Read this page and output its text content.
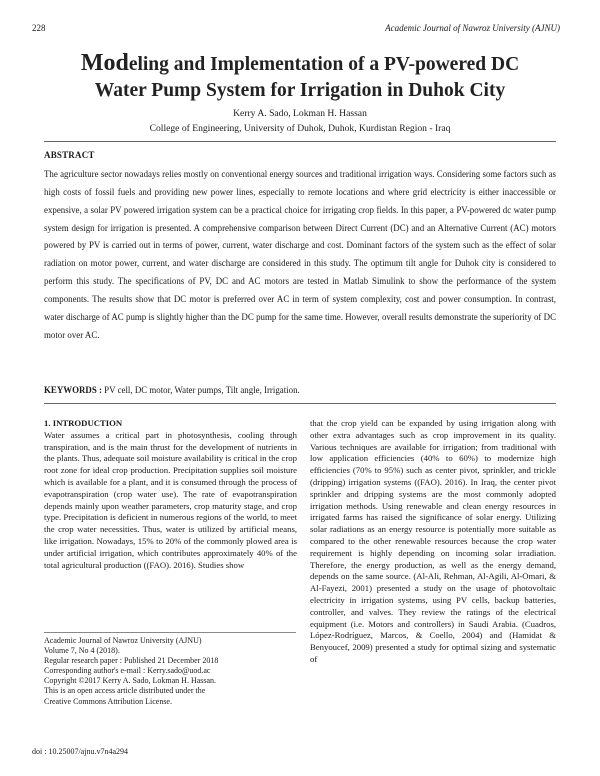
228	Academic Journal of Nawroz University (AJNU)
Modeling and Implementation of a PV-powered DC
Water Pump System for Irrigation in Duhok City
Kerry A. Sado, Lokman H. Hassan
College of Engineering, University of Duhok, Duhok, Kurdistan Region - Iraq
ABSTRACT
The agriculture sector nowadays relies mostly on conventional energy sources and traditional irrigation ways. Considering some factors such as high costs of fossil fuels and providing new power lines, especially to remote locations and where grid electricity is either inaccessible or expensive, a solar PV powered irrigation system can be a practical choice for irrigating crop fields. In this paper, a PV-powered dc water pump system design for irrigation is presented. A comprehensive comparison between Direct Current (DC) and an Alternative Current (AC) motors powered by PV is carried out in terms of power, current, water discharge and cost. Dominant factors of the system such as the effect of solar radiation on motor power, current, and water discharge are considered in this study. The optimum tilt angle for Duhok city is considered to perform this study. The specifications of PV, DC and AC motors are tested in Matlab Simulink to show the performance of the system components. The results show that DC motor is preferred over AC in term of system complexity, cost and power consumption. In contrast, water discharge of AC pump is slightly higher than the DC pump for the same time. However, overall results demonstrate the superiority of DC motor over AC.
KEYWORDS : PV cell, DC motor, Water pumps, Tilt angle, Irrigation.
1. INTRODUCTION
Water assumes a critical part in photosynthesis, cooling through transpiration, and is the main thrust for the development of nutrients in the plants. Thus, adequate soil moisture availability is critical in the crop root zone for ideal crop production. Precipitation supplies soil moisture which is available for a plant, and it is consumed through the process of evapotranspiration (crop water use). The rate of evapotranspiration depends mainly upon weather parameters, crop maturity stage, and crop type. Precipitation is deficient in numerous regions of the world, to meet the crop water necessities. Thus, water is utilized by artificial means, like irrigation. Nowadays, 15% to 20% of the commonly plowed area is under artificial irrigation, which contributes approximately 40% of the total agricultural production ((FAO). 2016). Studies show
that the crop yield can be expanded by using irrigation along with other extra advantages such as crop improvement in its quality. Various techniques are available for irrigation; from traditional with low application efficiencies (40% to 60%) to modernize high efficiencies (70% to 95%) such as center pivot, sprinkler, and trickle (dripping) irrigation systems ((FAO). 2016). In Iraq, the center pivot sprinkler and dripping systems are the most commonly adopted irrigation methods. Using renewable and clean energy resources in irrigated farms has raised the significance of solar energy. Utilizing solar radiations as an energy resource is potentially more suitable as compared to the other renewable resources because the crop water requirement is highly depending on incoming solar irradiation. Therefore, the energy production, as well as the energy demand, depends on the same source. (Al-Ali, Rehman, Al-Agili, Al-Omari, & Al-Fayezi, 2001) presented a study on the usage of photovoltaic electricity in irrigation systems, using PV cells, backup batteries, controller, and valves. They review the ratings of the electrical equipment (i.e. Motors and controllers) in Saudi Arabia. (Cuadros, López-Rodríguez, Marcos, & Coello, 2004) and (Hamidat & Benyoucef, 2009) presented a study for optimal sizing and systematic of
Academic Journal of Nawroz University (AJNU)
Volume 7, No 4 (2018).
Regular research paper : Published 21 December 2018
Corresponding author's e-mail : Kerry.sado@uod.ac
Copyright ©2017 Kerry A. Sado, Lokman H. Hassan.
This is an open access article distributed under the
Creative Commons Attribution License.
doi : 10.25007/ajnu.v7n4a294
